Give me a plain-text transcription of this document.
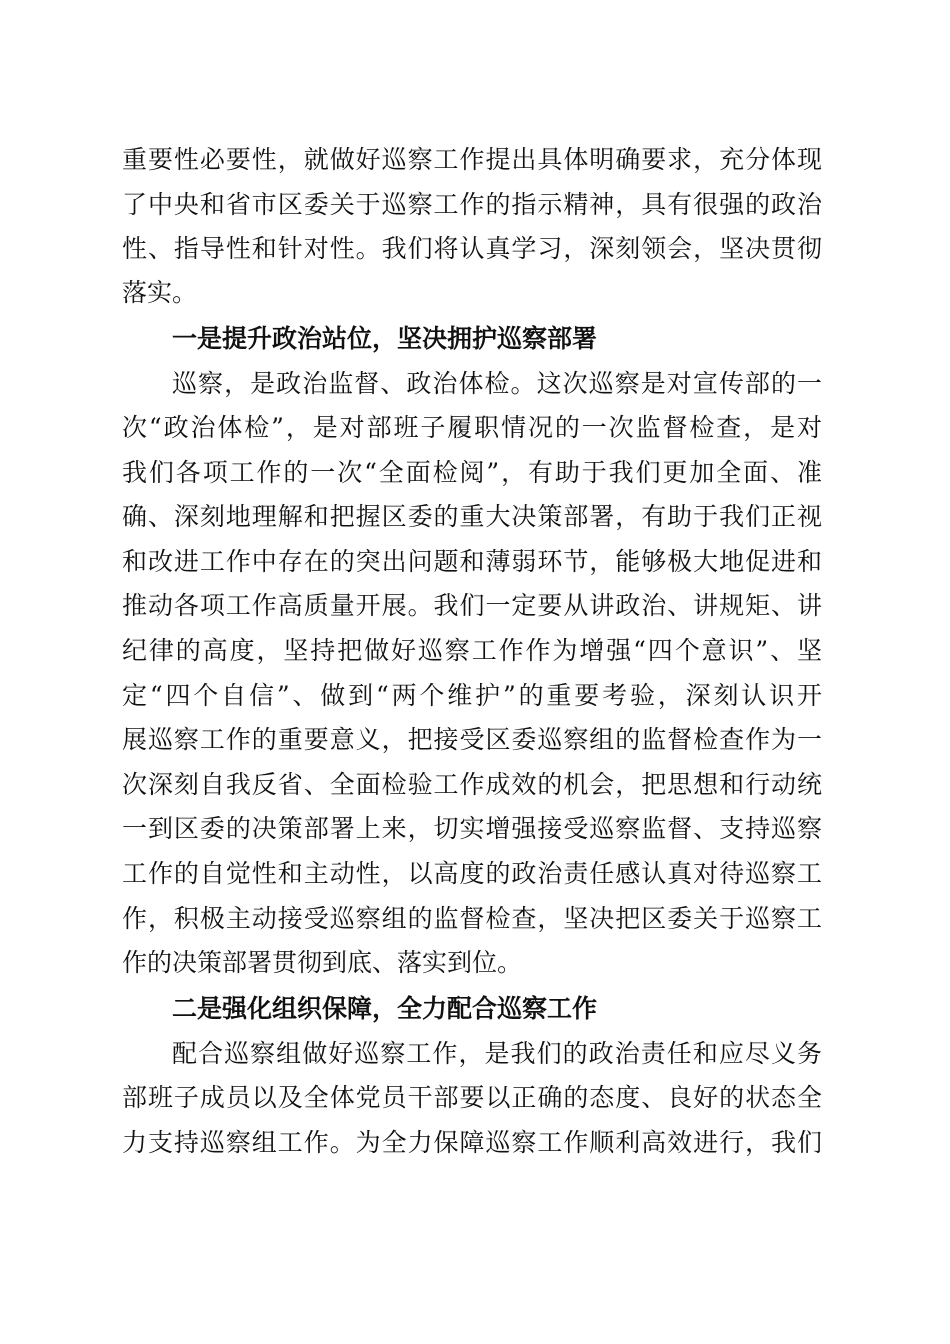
重要性必要性，就做好巡察工作提出具体明确要求，充分体现
了中央和省市区委关于巡察工作的指示精神，具有很强的政治
性、指导性和针对性。我们将认真学习，深刻领会，坚决贯彻
落实。
一是提升政治站位，坚决拥护巡察部署
巡察，是政治监督、政治体检。这次巡察是对宣传部的一
次“政治体检”，是对部班子履职情况的一次监督检查，是对
我们各项工作的一次“全面检阅”，有助于我们更加全面、准
确、深刻地理解和把握区委的重大决策部署，有助于我们正视
和改进工作中存在的突出问题和薄弱环节，能够极大地促进和
推动各项工作高质量开展。我们一定要从讲政治、讲规矩、讲
纪律的高度，坚持把做好巡察工作作为增强“四个意识”、坚
定“四个自信”、做到“两个维护”的重要考验，深刻认识开
展巡察工作的重要意义，把接受区委巡察组的监督检查作为一
次深刻自我反省、全面检验工作成效的机会，把思想和行动统
一到区委的决策部署上来，切实增强接受巡察监督、支持巡察
工作的自觉性和主动性，以高度的政治责任感认真对待巡察工
作，积极主动接受巡察组的监督检查，坚决把区委关于巡察工
作的决策部署贯彻到底、落实到位。
二是强化组织保障，全力配合巡察工作
配合巡察组做好巡察工作，是我们的政治责任和应尽义务
部班子成员以及全体党员干部要以正确的态度、良好的状态全
力支持巡察组工作。为全力保障巡察工作顺利高效进行，我们
